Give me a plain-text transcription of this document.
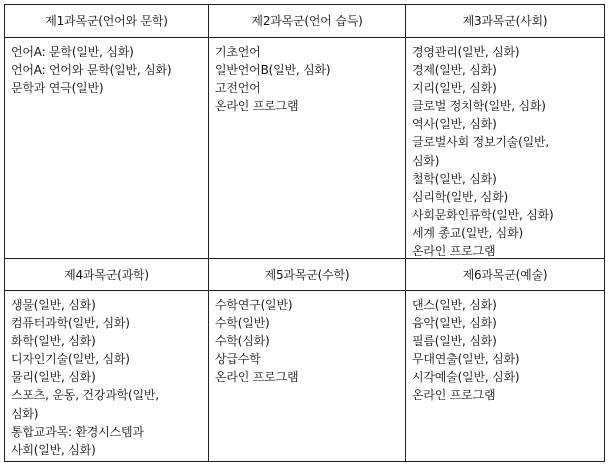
제1과목군(언어와 문학)
언어A: 문학(일반, 심화)
언어A: 언어와 문학(일반, 심화)
문학과 연극(일반)
제2과목군(언어 습득)
기초언어
일반언어B(일반, 심화)
고전언어
온라인 프로그램
제3과목군(사회)
경영관리(일반, 심화)
경제(일반, 심화)
지리(일반, 심화)
글로벌 정치학(일반, 심화)
역사(일반, 심화)
글로벌사회 정보기술(일반,
심화)
철학(일반, 심화)
심리학(일반, 심화)
사회문화인류학(일반, 심화)
세계 종교(일반, 심화)
온라인 프로그램
제4과목군(과학)
생물(일반, 심화)
컴퓨터과학(일반, 심화)
화학(일반, 심화)
디자인기술(일반, 심화)
물리(일반, 심화)
스포츠, 운동, 건강과학(일반,
심화)
통합교과목: 환경시스템과
사회(일반, 심화)
제5과목군(수학)
수학연구(일반)
수학(일반)
수학(심화)
상급수학
온라인 프로그램
제6과목군(예술)
댄스(일반, 심화)
음악(일반, 심화)
필름(일반, 심화)
무대연출(일반, 심화)
시각예술(일반, 심화)
온라인 프로그램
